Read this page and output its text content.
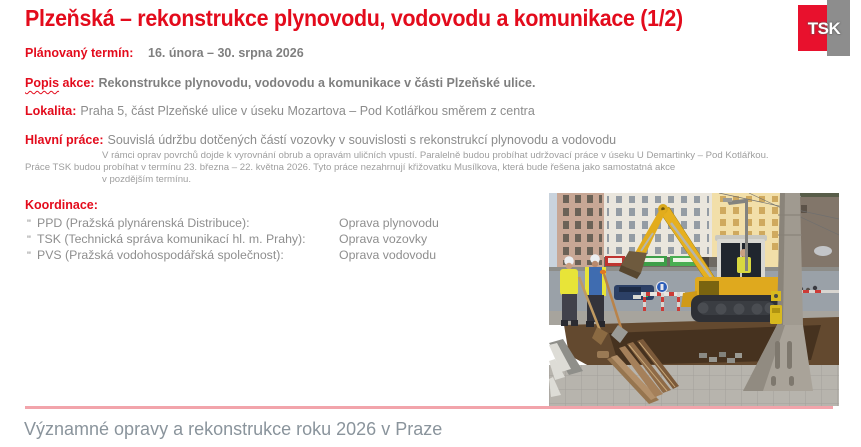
Plzeňská – rekonstrukce plynovodu, vodovodu a komunikace (1/2)	TSK
Plánovaný termín: 16. února – 30. srpna 2026
Popis akce: Rekonstrukce plynovodu, vodovodu a komunikace v části Plzeňské ulice.
Lokalita: Praha 5, část Plzeňské ulice v úseku Mozartova – Pod Kotlářkou směrem z centra
Hlavní práce: Souvislá údržbu dotčených částí vozovky v souvislosti s rekonstrukcí plynovodu a vodovodu
V rámci oprav povrchů dojde k vyrovnání obrub a opravám uličních vpustí. Paralelně budou probíhat udržovací práce v úseku U Demartinky – Pod Kotlářkou.
Práce TSK budou probíhat v termínu 23. března – 22. května 2026. Tyto práce nezahrnují křižovatku Musílkova, která bude řešena jako samostatná akce
v pozdějším termínu.
Koordinace:
" PPD (Pražská plynárenská Distribuce):	Oprava plynovodu
" TSK (Technická správa komunikací hl. m. Prahy):	Oprava vozovky
" PVS (Pražská vodohospodářská společnost):	Oprava vodovodu
Významné opravy a rekonstrukce roku 2026 v Praze
